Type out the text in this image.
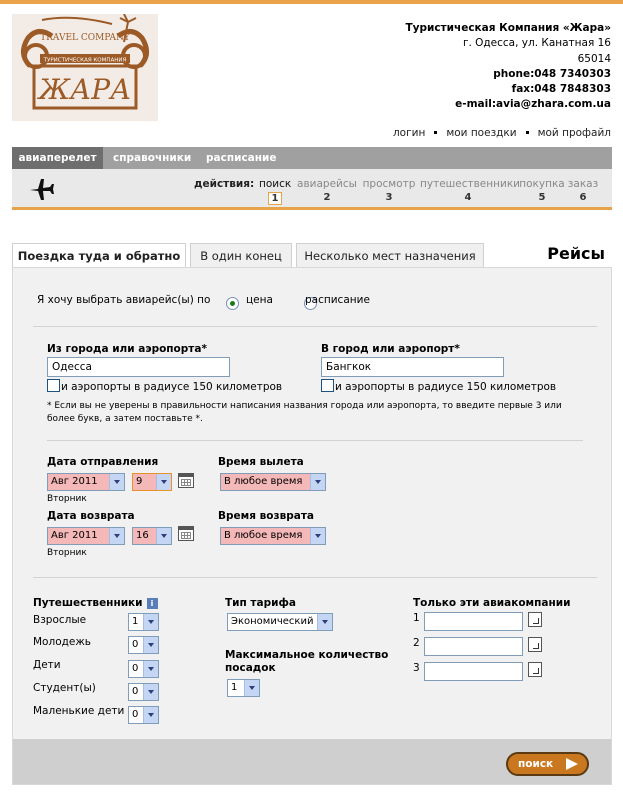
TRAVEL COMPANY
ТУРИСТИЧЕСКАЯ КОМПАНИЯ
ЖАРА
Туристическая Компания «Жара»
г. Одесса, ул. Канатная 16
65014
phone:048 7340303
fax:048 7848303
e-mail:avia@zhara.com.ua
логин мои поездки мой профайл
авиаперелет	справочники расписание
действия: поиск 1
авиарейсы
2
просмотр
3
путешественники
4
покупка
5
заказ
6
Поездка туда и обратно	В один конец	Несколько мест назначения	Рейсы
Я хочу выбрать авиарейс(ы) по
	цена	расписание
Из города или аэропорта*
Одесса
и аэропорты в радиусе 150 километров
В город или аэропорт*
Бангкок
и аэропорты в радиусе 150 километров
* Если вы не уверены в правильности написания названия города или аэропорта, то введите первые 3 или более букв, а затем поставьте *.
Дата отправления
Авг 2011	9
Вторник
Время вылета
В любое время
Дата возврата
Авг 2011	16
Вторник
Время возврата
В любое время
Путешественники i
Взрослые	1
Молодежь	0
Дети	0
Студент(ы)	0
Маленькие дети 0
Тип тарифа
Экономический
Максимальное количество
посадок
1
Только эти авиакомпании
1
2
3
поиск
